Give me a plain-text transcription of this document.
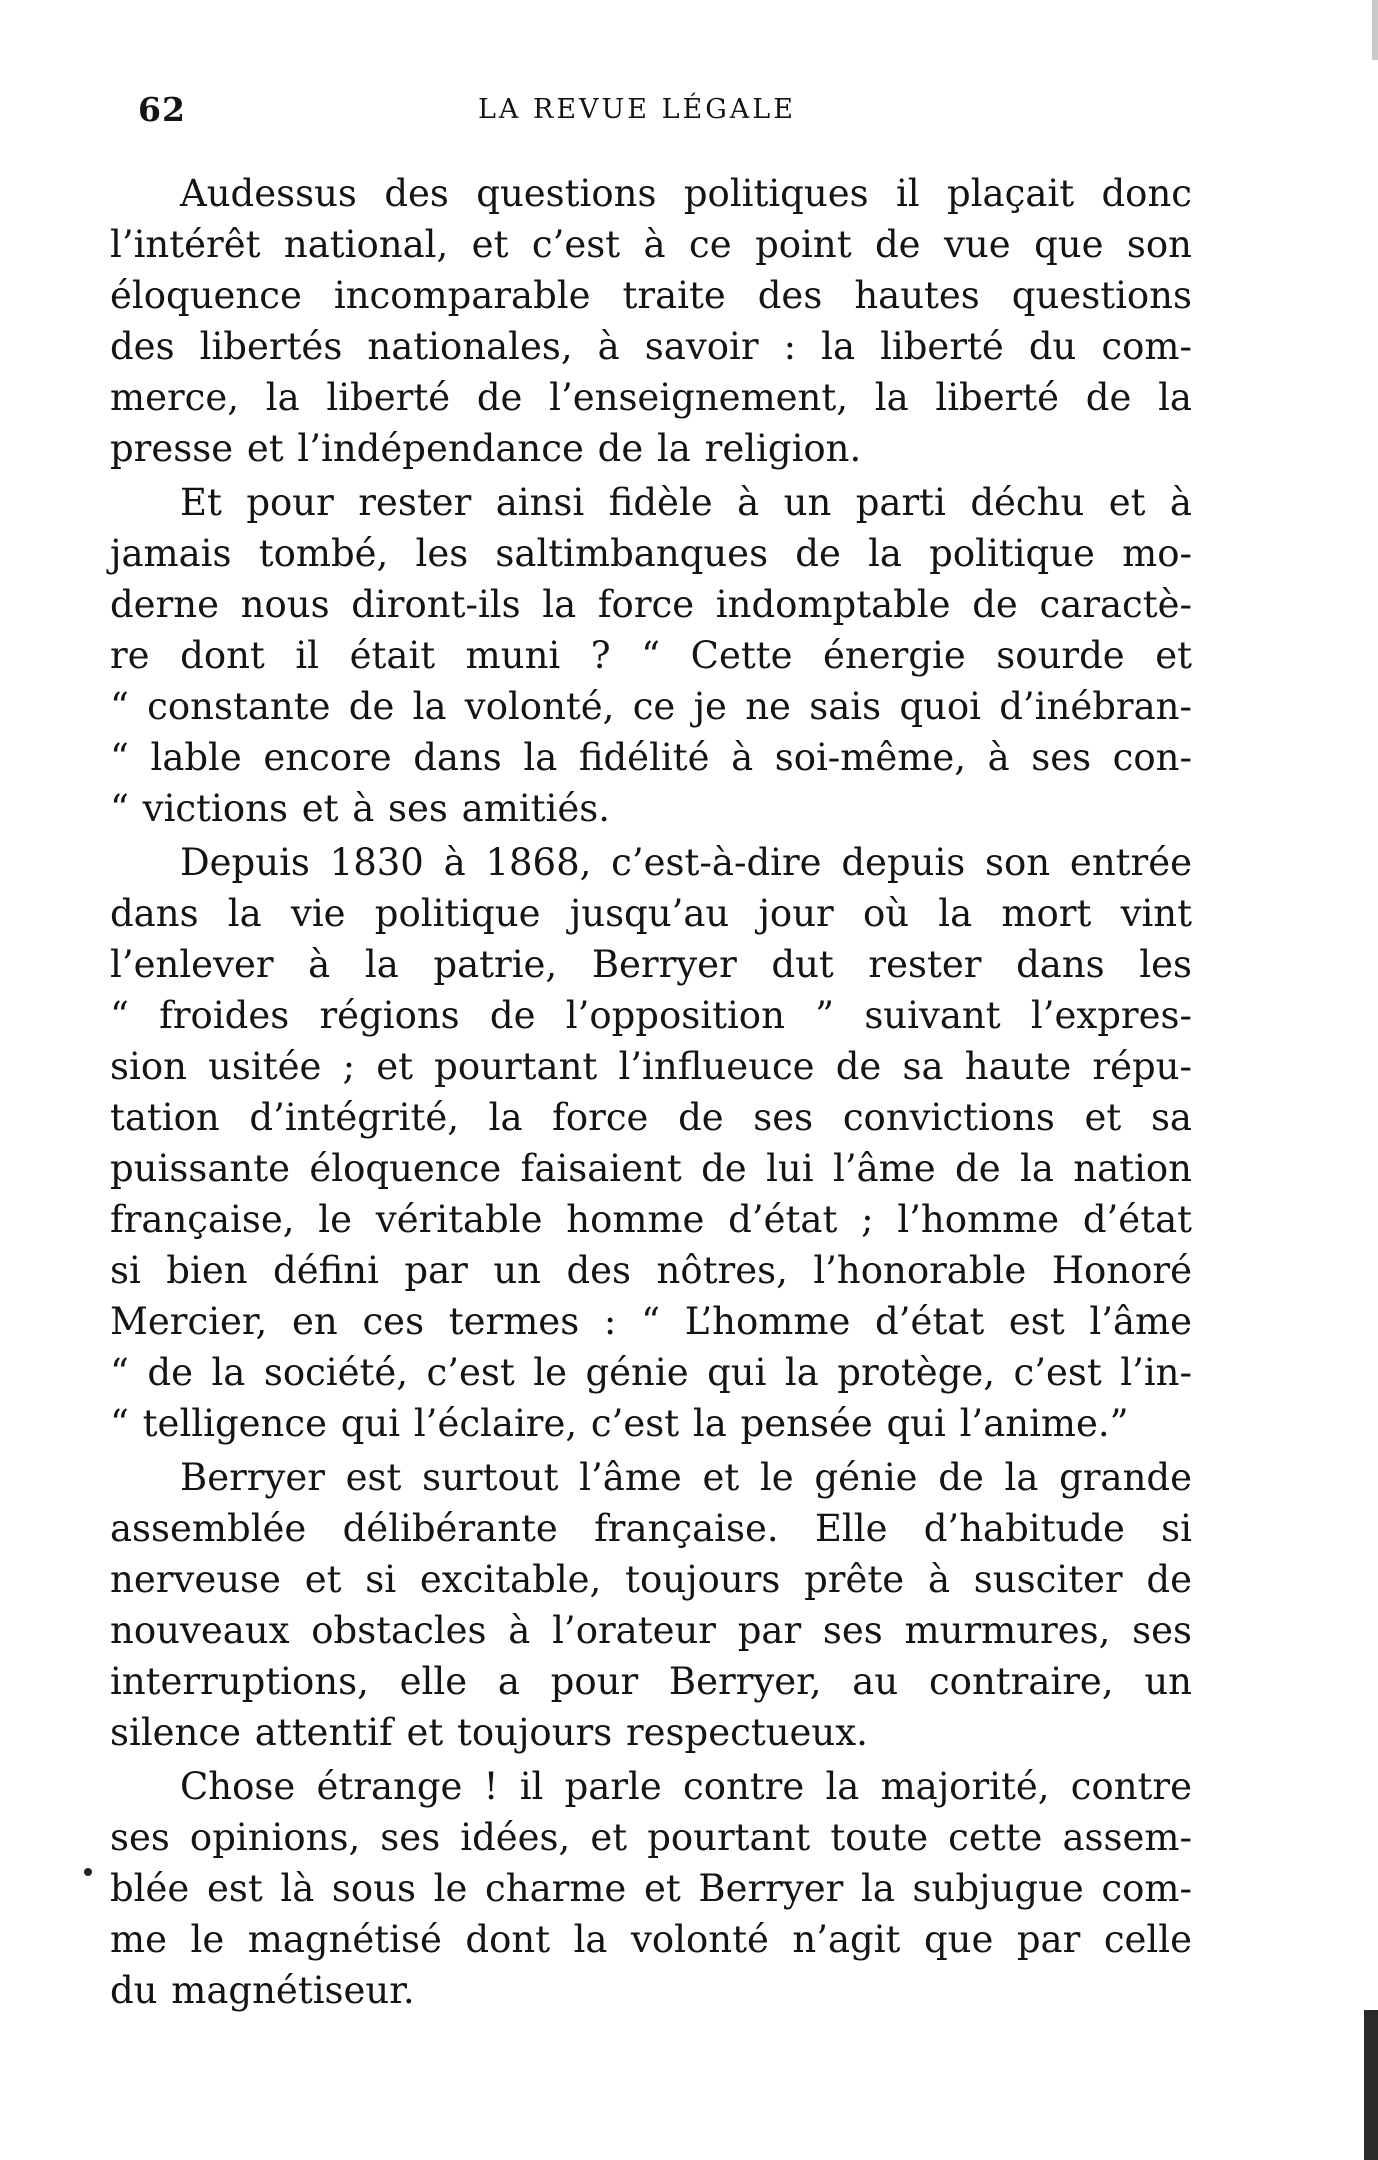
62	LA REVUE LÉGALE
Audessus des questions politiques il plaçait donc
l’intérêt national, et c’est à ce point de vue que son
éloquence incomparable traite des hautes questions
des libertés nationales, à savoir : la liberté du com-
merce, la liberté de l’enseignement, la liberté de la
presse et l’indépendance de la religion.
Et pour rester ainsi fidèle à un parti déchu et à
jamais tombé, les saltimbanques de la politique mo-
derne nous diront-ils la force indomptable de caractè-
re dont il était muni ? “ Cette énergie sourde et
“ constante de la volonté, ce je ne sais quoi d’inébran-
“ lable encore dans la fidélité à soi-même, à ses con-
“ victions et à ses amitiés.
Depuis 1830 à 1868, c’est-à-dire depuis son entrée
dans la vie politique jusqu’au jour où la mort vint
l’enlever à la patrie, Berryer dut rester dans les
“ froides régions de l’opposition ” suivant l’expres-
sion usitée ; et pourtant l’influeuce de sa haute répu-
tation d’intégrité, la force de ses convictions et sa
puissante éloquence faisaient de lui l’âme de la nation
française, le véritable homme d’état ; l’homme d’état
si bien défini par un des nôtres, l’honorable Honoré
Mercier, en ces termes : “ L’homme d’état est l’âme
“ de la société, c’est le génie qui la protège, c’est l’in-
“ telligence qui l’éclaire, c’est la pensée qui l’anime.”
Berryer est surtout l’âme et le génie de la grande
assemblée délibérante française. Elle d’habitude si
nerveuse et si excitable, toujours prête à susciter de
nouveaux obstacles à l’orateur par ses murmures, ses
interruptions, elle a pour Berryer, au contraire, un
silence attentif et toujours respectueux.
Chose étrange ! il parle contre la majorité, contre
ses opinions, ses idées, et pourtant toute cette assem-
blée est là sous le charme et Berryer la subjugue com-
me le magnétisé dont la volonté n’agit que par celle
du magnétiseur.
